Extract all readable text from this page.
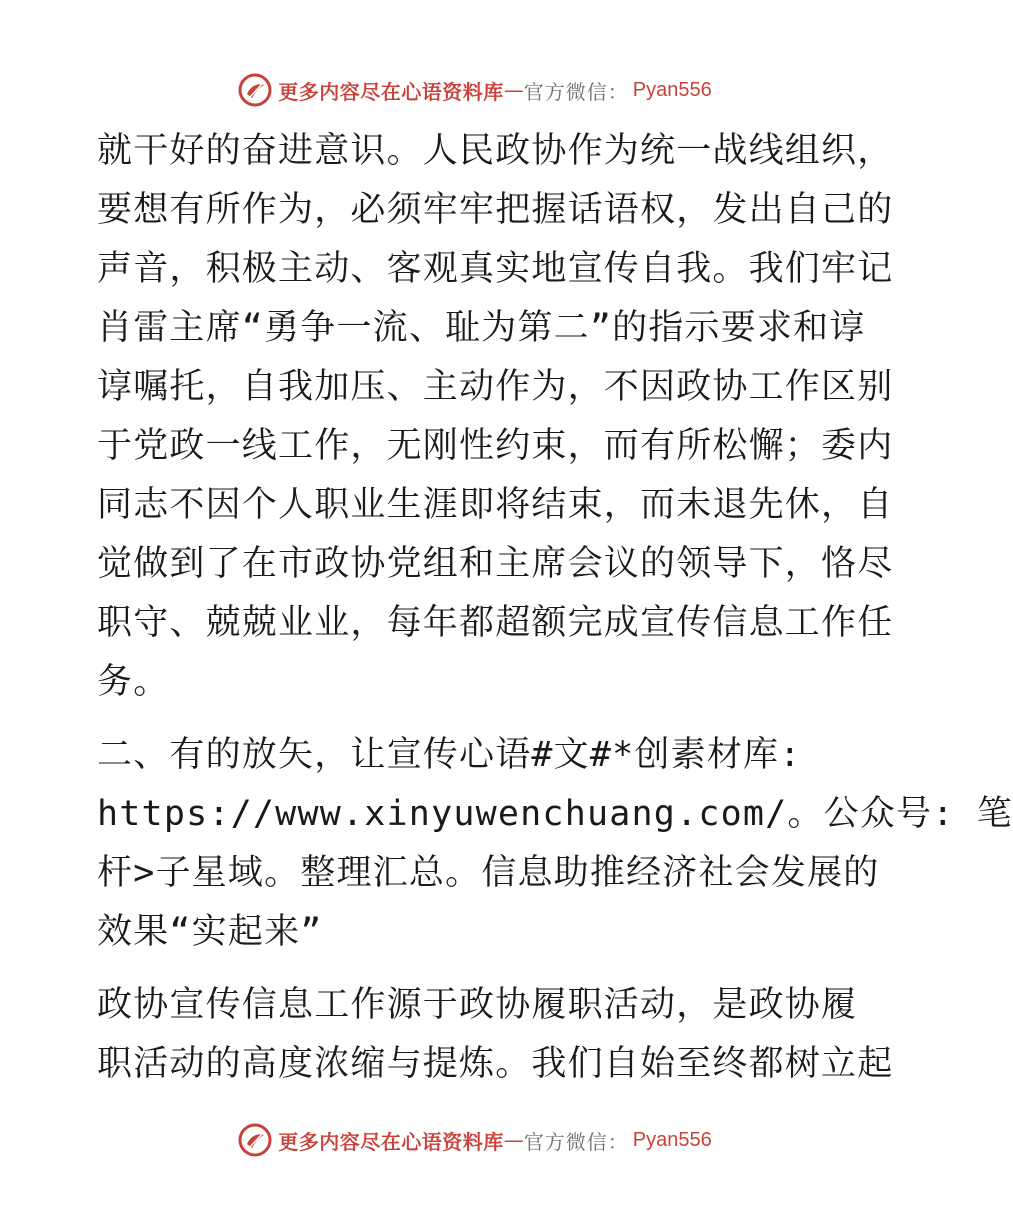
更多内容尽在心语资料库 — 官方微信： Pyan556
就干好的奋进意识。人民政协作为统一战线组织，
要想有所作为，必须牢牢把握话语权，发出自己的
声音，积极主动、客观真实地宣传自我。我们牢记
肖雷主席“勇争一流、耻为第二”的指示要求和谆
谆嘱托，自我加压、主动作为，不因政协工作区别
于党政一线工作，无刚性约束，而有所松懈；委内
同志不因个人职业生涯即将结束，而未退先休，自
觉做到了在市政协党组和主席会议的领导下，恪尽
职守、兢兢业业，每年都超额完成宣传信息工作任
务。
二、有的放矢，让宣传心语#文#*创素材库:
https://www.xinyuwenchuang.com/。公众号: 笔
杆>子星域。整理汇总。信息助推经济社会发展的
效果“实起来”
政协宣传信息工作源于政协履职活动，是政协履
职活动的高度浓缩与提炼。我们自始至终都树立起
更多内容尽在心语资料库 — 官方微信： Pyan556
